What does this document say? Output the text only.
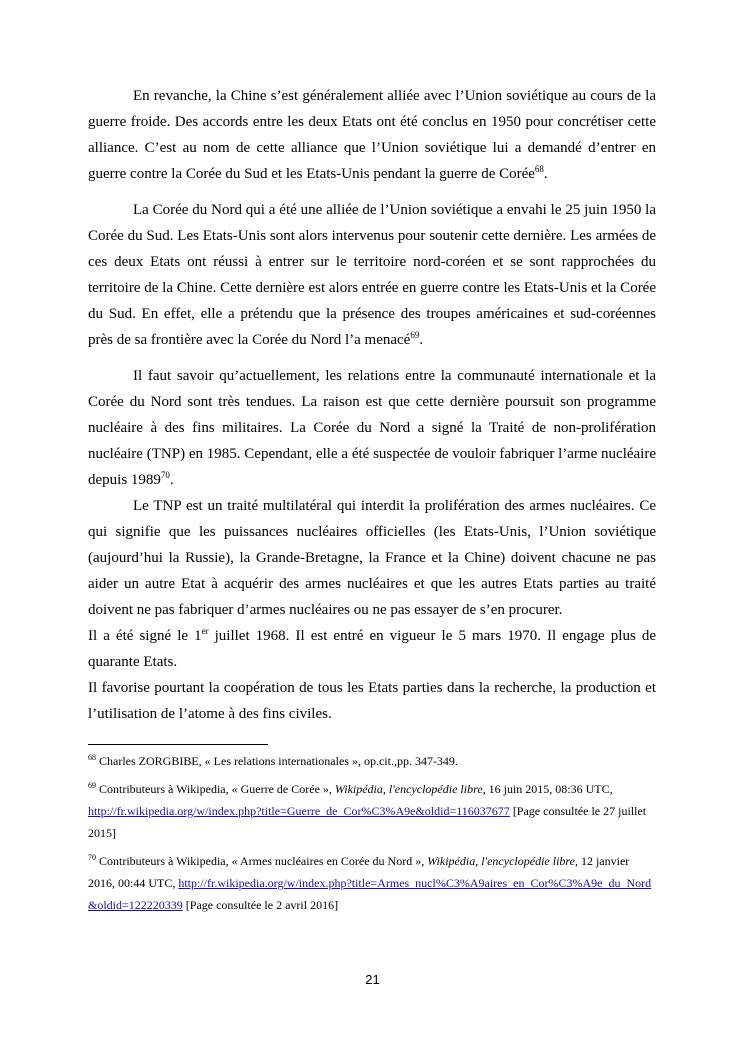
En revanche, la Chine s’est généralement alliée avec l’Union soviétique au cours de la guerre froide. Des accords entre les deux Etats ont été conclus en 1950 pour concrétiser cette alliance. C’est au nom de cette alliance que l’Union soviétique lui a demandé d’entrer en guerre contre la Corée du Sud et les Etats-Unis pendant la guerre de Corée$^{68}$.

La Corée du Nord qui a été une alliée de l’Union soviétique a envahi le 25 juin 1950 la Corée du Sud. Les Etats-Unis sont alors intervenus pour soutenir cette dernière. Les armées de ces deux Etats ont réussi à entrer sur le territoire nord-coréen et se sont rapprochées du territoire de la Chine. Cette dernière est alors entrée en guerre contre les Etats-Unis et la Corée du Sud. En effet, elle a prétendu que la présence des troupes américaines et sud-coréennes près de sa frontière avec la Corée du Nord l’a menacé$^{69}$.

Il faut savoir qu’actuellement, les relations entre la communauté internationale et la Corée du Nord sont très tendues. La raison est que cette dernière poursuit son programme nucléaire à des fins militaires. La Corée du Nord a signé la Traité de non-prolifération nucléaire (TNP) en 1985. Cependant, elle a été suspectée de vouloir fabriquer l’arme nucléaire depuis 1989$^{70}$.

Le TNP est un traité multilatéral qui interdit la prolifération des armes nucléaires. Ce qui signifie que les puissances nucléaires officielles (les Etats-Unis, l’Union soviétique (aujourd’hui la Russie), la Grande-Bretagne, la France et la Chine) doivent chacune ne pas aider un autre Etat à acquérir des armes nucléaires et que les autres Etats parties au traité doivent ne pas fabriquer d’armes nucléaires ou ne pas essayer de s’en procurer.

Il a été signé le 1er juillet 1968. Il est entré en vigueur le 5 mars 1970. Il engage plus de quarante Etats.

Il favorise pourtant la coopération de tous les Etats parties dans la recherche, la production et l’utilisation de l’atome à des fins civiles.

$^{68}$ Charles ZORGBIBE, « Les relations internationales », op.cit.,pp. 347-349.

$^{69}$ Contributeurs à Wikipedia, « Guerre de Corée », Wikipédia, l'encyclopédie libre, 16 juin 2015, 08:36 UTC, http://fr.wikipedia.org/w/index.php?title=Guerre_de_Cor%C3%A9e&oldid=116037677 [Page consultée le 27 juillet 2015]

$^{70}$ Contributeurs à Wikipedia, « Armes nucléaires en Corée du Nord », Wikipédia, l'encyclopédie libre, 12 janvier 2016, 00:44 UTC, http://fr.wikipedia.org/w/index.php?title=Armes_nucl%C3%A9aires_en_Cor%C3%A9e_du_Nord&oldid=122220339 [Page consultée le 2 avril 2016]

21
